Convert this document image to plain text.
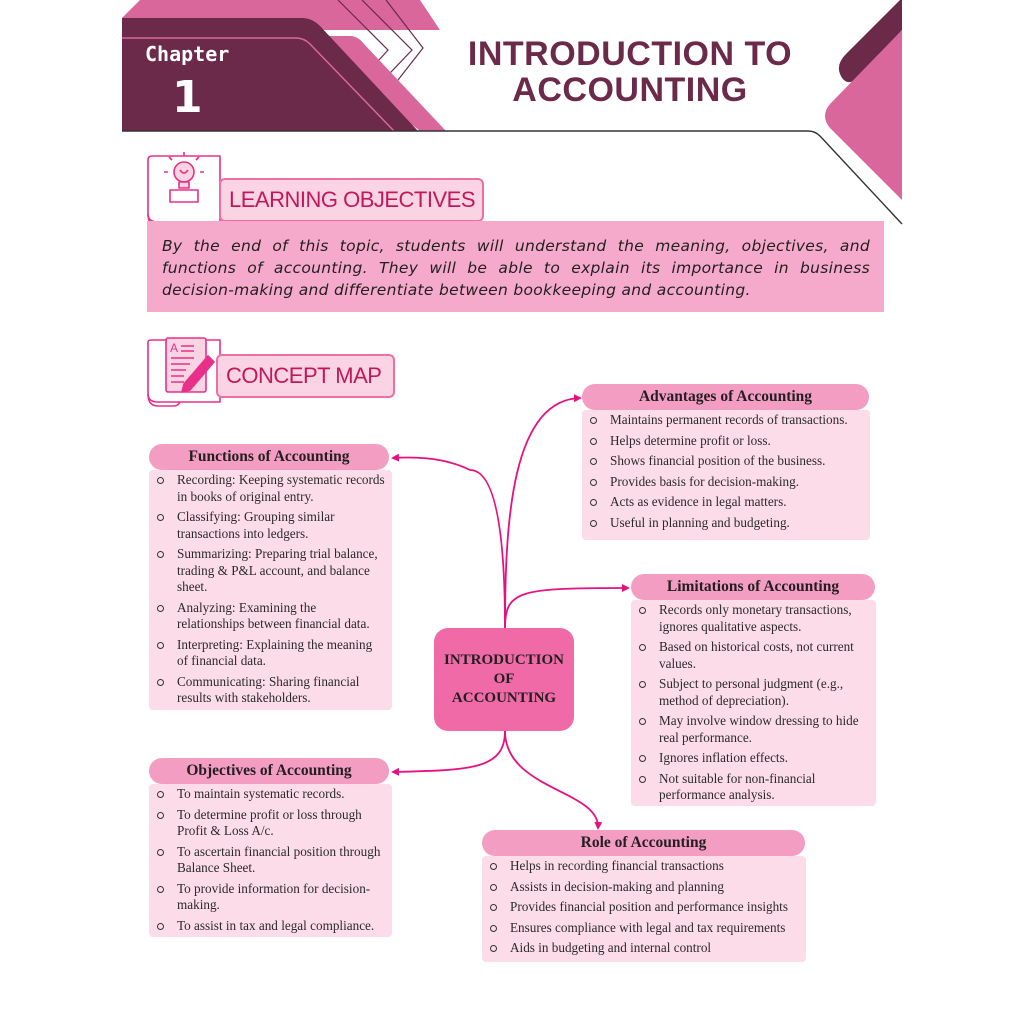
Chapter
1
INTRODUCTION TO
ACCOUNTING
LEARNING OBJECTIVES
By the end of this topic, students will understand the meaning, objectives, and functions of accounting. They will be able to explain its importance in business decision-making and differentiate between bookkeeping and accounting.
A
CONCEPT MAP
INTRODUCTION
OF
ACCOUNTING
Functions of Accounting
Recording: Keeping systematic records in books of original entry.
Classifying: Grouping similar transactions into ledgers.
Summarizing: Preparing trial balance, trading & P&L account, and balance sheet.
Analyzing: Examining the relationships between financial data.
Interpreting: Explaining the meaning of financial data.
Communicating: Sharing financial results with stakeholders.
Advantages of Accounting
Maintains permanent records of transactions.
Helps determine profit or loss.
Shows financial position of the business.
Provides basis for decision-making.
Acts as evidence in legal matters.
Useful in planning and budgeting.
Limitations of Accounting
Records only monetary transactions, ignores qualitative aspects.
Based on historical costs, not current values.
Subject to personal judgment (e.g., method of depreciation).
May involve window dressing to hide real performance.
Ignores inflation effects.
Not suitable for non-financial performance analysis.
Objectives of Accounting
To maintain systematic records.
To determine profit or loss through Profit & Loss A/c.
To ascertain financial position through Balance Sheet.
To provide information for decision-making.
To assist in tax and legal compliance.
Role of Accounting
Helps in recording financial transactions
Assists in decision-making and planning
Provides financial position and performance insights
Ensures compliance with legal and tax requirements
Aids in budgeting and internal control
